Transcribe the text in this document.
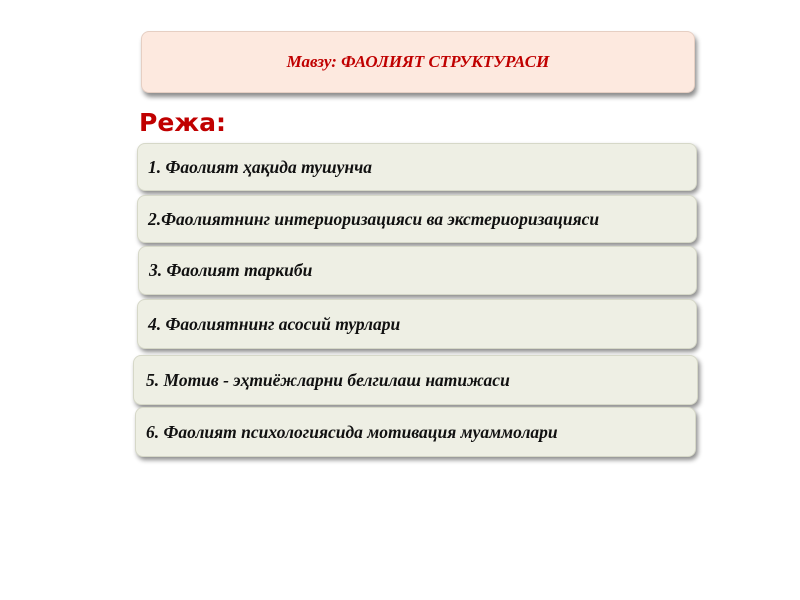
Мавзу: ФАОЛИЯТ СТРУКТУРАСИ
Режа:
1. Фаолият ҳақида тушунча
2.Фаолиятнинг интериоризацияси ва экстериоризацияси
3. Фаолият таркиби
4. Фаолиятнинг асосий турлари
5. Мотив - эҳтиёжларни белгилаш натижаси
6. Фаолият психологиясида мотивация муаммолари
